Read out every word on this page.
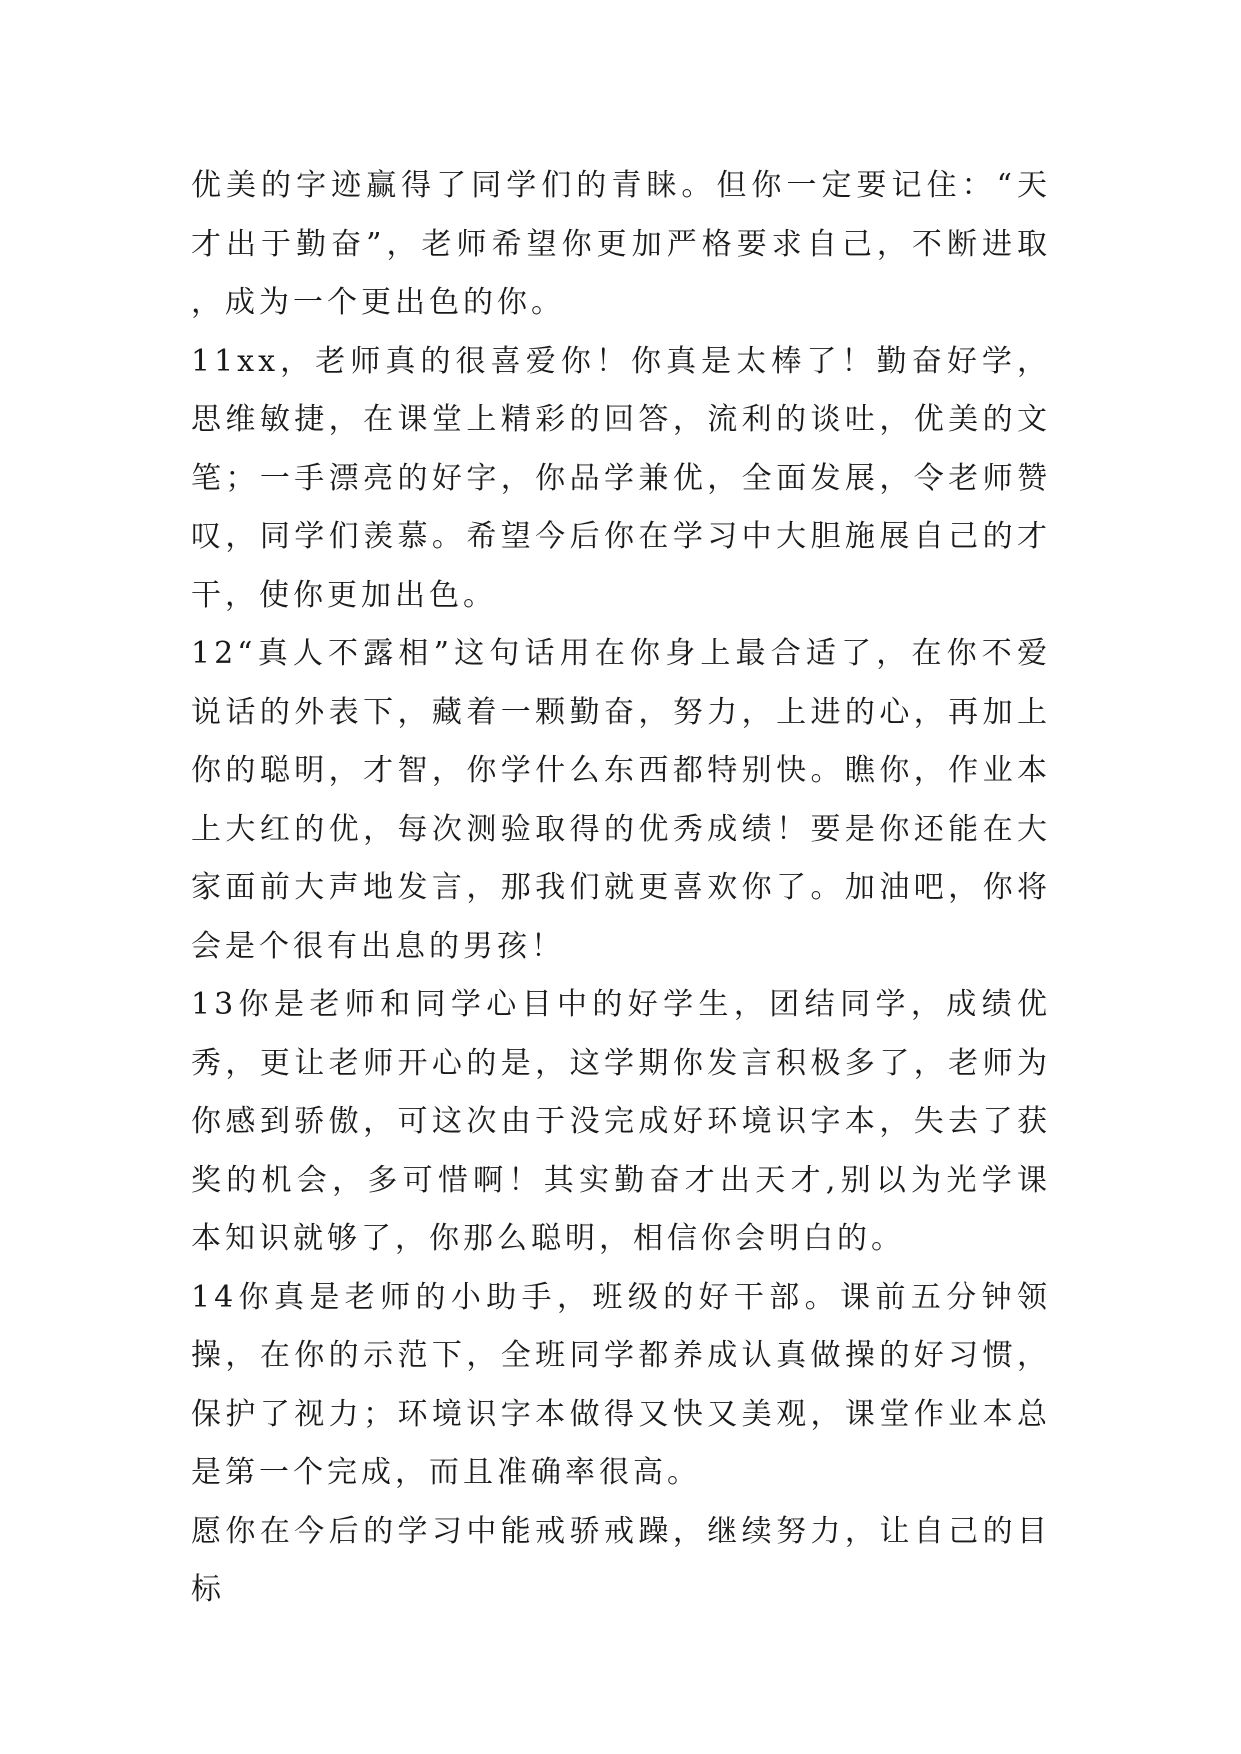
优美的字迹赢得了同学们的青睐。但你一定要记住：“天才出于勤奋”，老师希望你更加严格要求自己，不断进取，成为一个更出色的你。

11xx，老师真的很喜爱你！你真是太棒了！勤奋好学，思维敏捷，在课堂上精彩的回答，流利的谈吐，优美的文笔；一手漂亮的好字，你品学兼优，全面发展，令老师赞叹，同学们羡慕。希望今后你在学习中大胆施展自己的才干，使你更加出色。

12“真人不露相”这句话用在你身上最合适了，在你不爱说话的外表下，藏着一颗勤奋，努力，上进的心，再加上你的聪明，才智，你学什么东西都特别快。瞧你，作业本上大红的优，每次测验取得的优秀成绩！要是你还能在大家面前大声地发言，那我们就更喜欢你了。加油吧，你将会是个很有出息的男孩！

13你是老师和同学心目中的好学生，团结同学，成绩优秀，更让老师开心的是，这学期你发言积极多了，老师为你感到骄傲，可这次由于没完成好环境识字本，失去了获奖的机会，多可惜啊！其实勤奋才出天才,别以为光学课本知识就够了，你那么聪明，相信你会明白的。

14你真是老师的小助手，班级的好干部。课前五分钟领操，在你的示范下，全班同学都养成认真做操的好习惯，保护了视力；环境识字本做得又快又美观，课堂作业本总是第一个完成，而且准确率很高。

愿你在今后的学习中能戒骄戒躁，继续努力，让自己的目标
